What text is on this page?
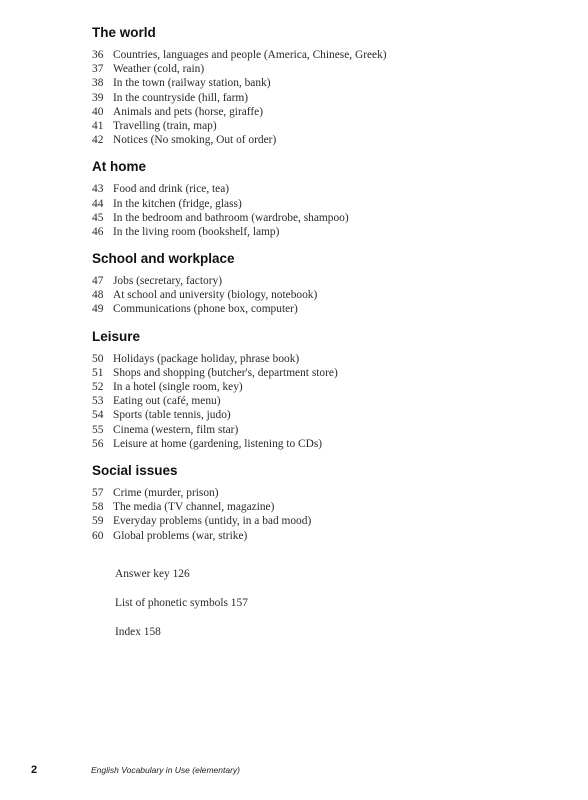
The world
36 Countries, languages and people (America, Chinese, Greek)
37 Weather (cold, rain)
38 In the town (railway station, bank)
39 In the countryside (hill, farm)
40 Animals and pets (horse, giraffe)
41 Travelling (train, map)
42 Notices (No smoking, Out of order)
At home
43 Food and drink (rice, tea)
44 In the kitchen (fridge, glass)
45 In the bedroom and bathroom (wardrobe, shampoo)
46 In the living room (bookshelf, lamp)
School and workplace
47 Jobs (secretary, factory)
48 At school and university (biology, notebook)
49 Communications (phone box, computer)
Leisure
50 Holidays (package holiday, phrase book)
51 Shops and shopping (butcher's, department store)
52 In a hotel (single room, key)
53 Eating out (café, menu)
54 Sports (table tennis, judo)
55 Cinema (western, film star)
56 Leisure at home (gardening, listening to CDs)
Social issues
57 Crime (murder, prison)
58 The media (TV channel, magazine)
59 Everyday problems (untidy, in a bad mood)
60 Global problems (war, strike)
Answer key 126
List of phonetic symbols 157
Index 158
2	English Vocabulary in Use (elementary)
